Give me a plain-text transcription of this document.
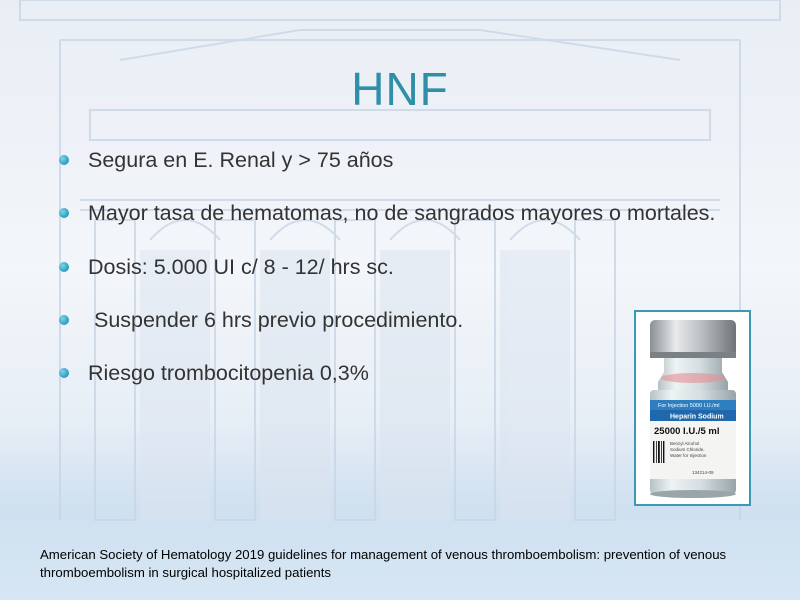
HNF
Segura en E. Renal y > 75 años
Mayor tasa de hematomas, no de sangrados mayores o mortales.
Dosis: 5.000 UI c/ 8 - 12/ hrs sc.
Suspender 6 hrs previo procedimiento.
Riesgo trombocitopenia 0,3%
For Injection 5000 I.U./ml
Heparin Sodium
25000 I.U./5 ml
Benzyl Alcohol
Sodium Chloride,
Water for Injection
134214-09

American Society of Hematology 2019 guidelines for management of venous thromboembolism: prevention of venous thromboembolism in surgical hospitalized patients
